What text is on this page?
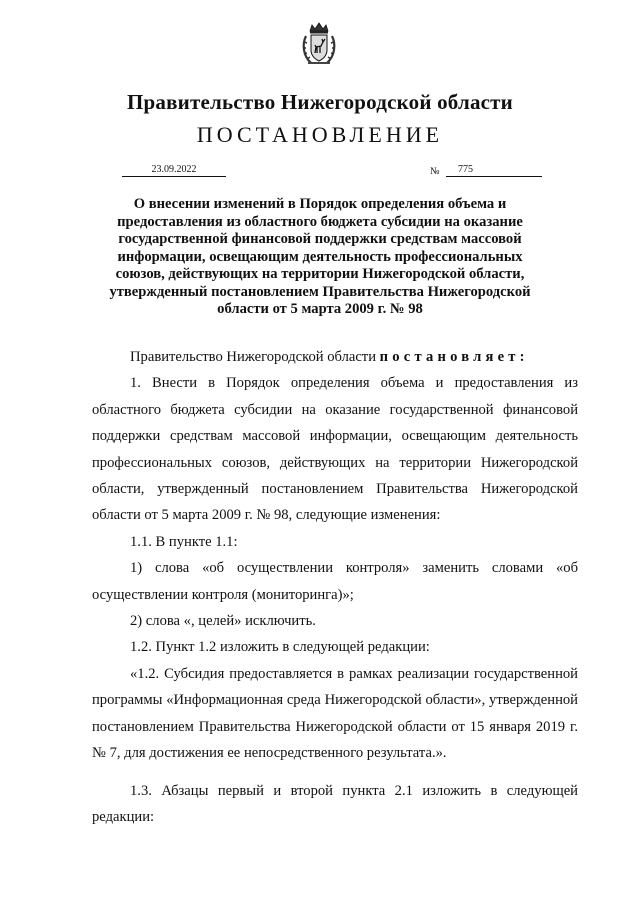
Правительство Нижегородской области
ПОСТАНОВЛЕНИЕ
23.09.2022	№	775
О внесении изменений в Порядок определения объема и предоставления из областного бюджета субсидии на оказание государственной финансовой поддержки средствам массовой информации, освещающим деятельность профессиональных союзов, действующих на территории Нижегородской области, утвержденный постановлением Правительства Нижегородской области от 5 марта 2009 г. № 98

Правительство Нижегородской области постановляет:

1. Внести в Порядок определения объема и предоставления из областного бюджета субсидии на оказание государственной финансовой поддержки средствам массовой информации, освещающим деятельность профессиональных союзов, действующих на территории Нижегородской области, утвержденный постановлением Правительства Нижегородской области от 5 марта 2009 г. № 98, следующие изменения:

1.1. В пункте 1.1:

1) слова «об осуществлении контроля» заменить словами «об осуществлении контроля (мониторинга)»;

2) слова «, целей» исключить.

1.2. Пункт 1.2 изложить в следующей редакции:

«1.2. Субсидия предоставляется в рамках реализации государственной программы «Информационная среда Нижегородской области», утвержденной постановлением Правительства Нижегородской области от 15 января 2019 г. № 7, для достижения ее непосредственного результата.».

1.3. Абзацы первый и второй пункта 2.1 изложить в следующей редакции:
